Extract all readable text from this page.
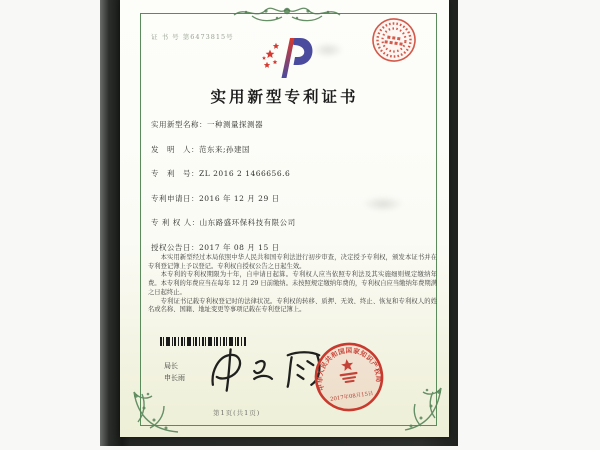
证 书 号 第6473815号
实用新型专利证书
实用新型名称：一种测量探测器
发　明　人：范东来;孙建国
专　利　号：ZL 2016 2 1466656.6
专利申请日：2016 年 12 月 29 日
专 利 权 人：山东路盛环保科技有限公司
授权公告日：2017 年 08 月 15 日

本实用新型经过本局依照中华人民共和国专利法进行初步审查，决定授予专利权，颁发本证书并在专利登记簿上予以登记。专利权自授权公告之日起生效。

本专利的专利权期限为十年，自申请日起算。专利权人应当依照专利法及其实施细则规定缴纳年费。本专利的年费应当在每年 12 月 29 日前缴纳。未按照规定缴纳年费的，专利权自应当缴纳年费期满之日起终止。

专利证书记载专利权登记时的法律状况。专利权的转移、质押、无效、终止、恢复和专利权人的姓名或名称、国籍、地址变更等事项记载在专利登记簿上。

局长
申长雨
中华人民共和国国家知识产权局
2017年08月15日
第1页(共1页)
